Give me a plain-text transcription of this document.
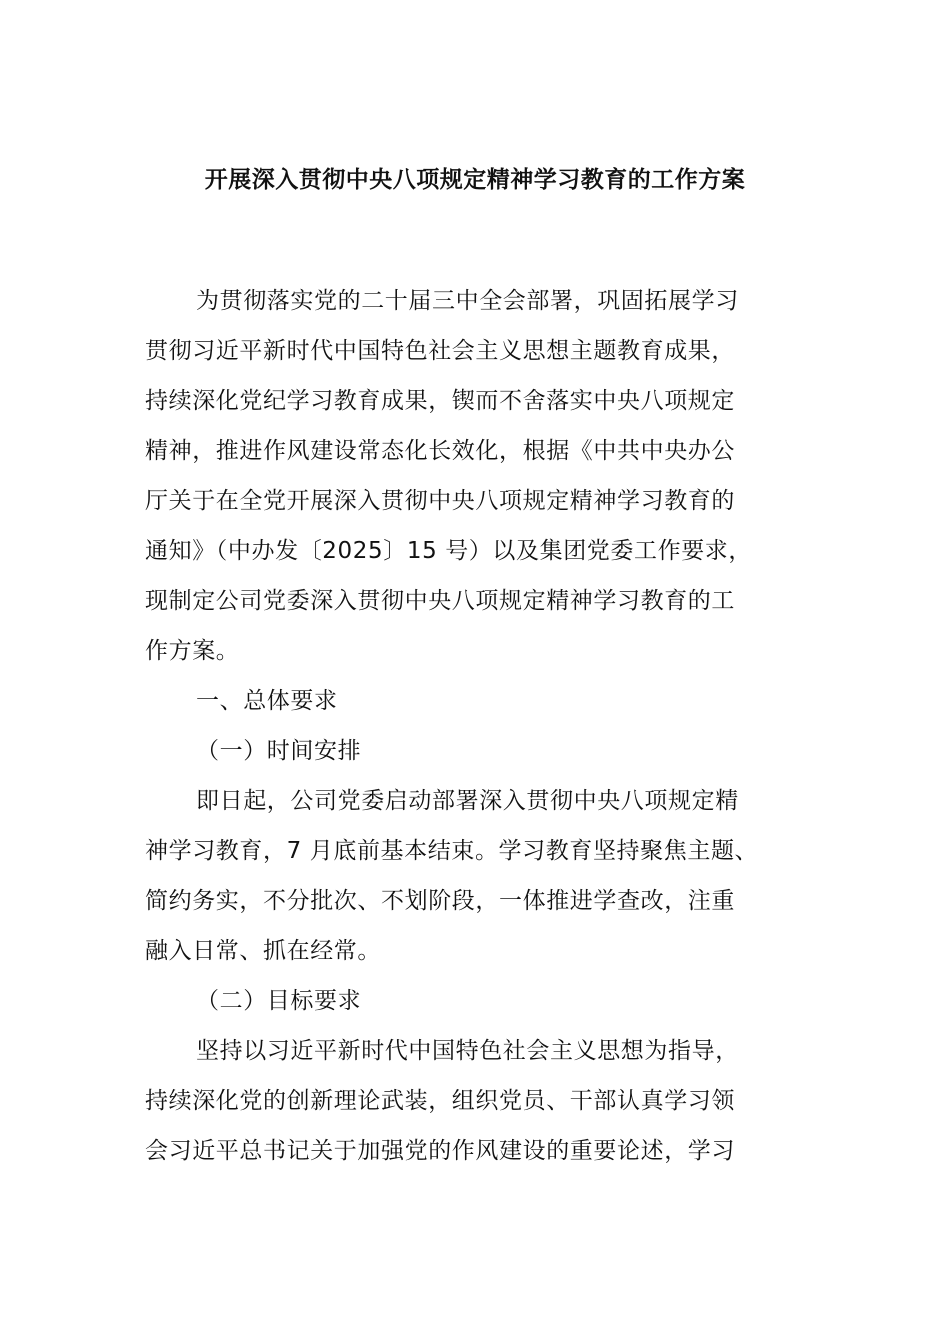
开展深入贯彻中央八项规定精神学习教育的工作方案
为贯彻落实党的二十届三中全会部署，巩固拓展学习
贯彻习近平新时代中国特色社会主义思想主题教育成果，
持续深化党纪学习教育成果，锲而不舍落实中央八项规定
精神，推进作风建设常态化长效化，根据《中共中央办公
厅关于在全党开展深入贯彻中央八项规定精神学习教育的
通知》（中办发〔2025〕15 号）以及集团党委工作要求，
现制定公司党委深入贯彻中央八项规定精神学习教育的工
作方案。
一、总体要求
（一）时间安排
即日起，公司党委启动部署深入贯彻中央八项规定精
神学习教育，7 月底前基本结束。学习教育坚持聚焦主题、
简约务实，不分批次、不划阶段，一体推进学查改，注重
融入日常、抓在经常。
（二）目标要求
坚持以习近平新时代中国特色社会主义思想为指导，
持续深化党的创新理论武装，组织党员、干部认真学习领
会习近平总书记关于加强党的作风建设的重要论述，学习
